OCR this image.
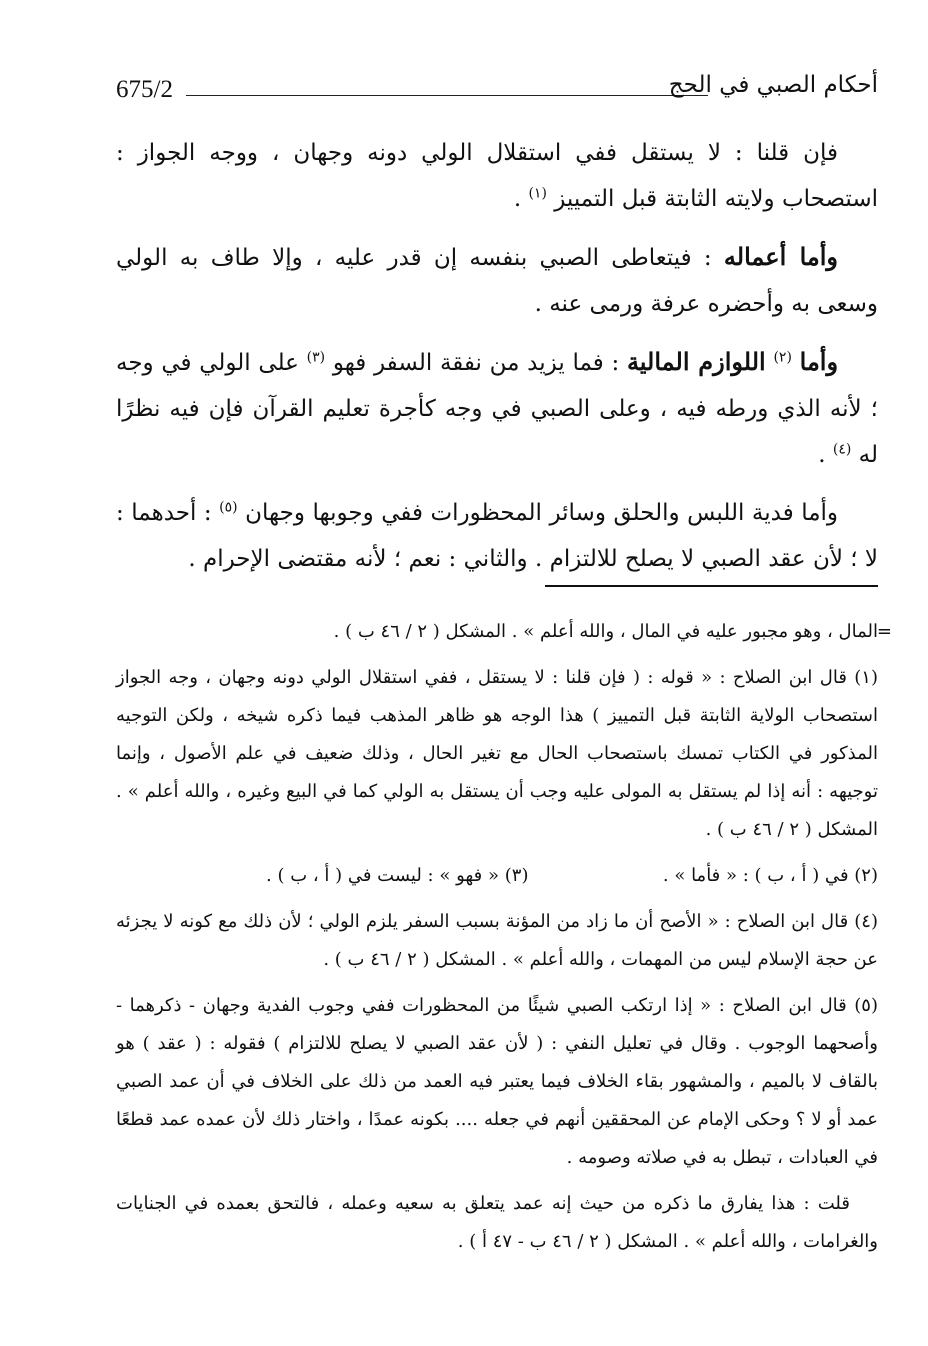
675/2	أحكام الصبي في الحج

فإن قلنا : لا يستقل ففي استقلال الولي دونه وجهان ، ووجه الجواز : استصحاب ولايته الثابتة قبل التمييز $^{(١)}$ .

وأما أعماله : فيتعاطى الصبي بنفسه إن قدر عليه ، وإلا طاف به الولي وسعى به وأحضره عرفة ورمى عنه .

وأما $^{(٢)}$ اللوازم المالية : فما يزيد من نفقة السفر فهو $^{(٣)}$ على الولي في وجه ؛ لأنه الذي ورطه فيه ، وعلى الصبي في وجه كأجرة تعليم القرآن فإن فيه نظرًا له $^{(٤)}$ .

وأما فدية اللبس والحلق وسائر المحظورات ففي وجوبها وجهان $^{(٥)}$ : أحدهما : لا ؛ لأن عقد الصبي لا يصلح للالتزام . والثاني : نعم ؛ لأنه مقتضى الإحرام .

=
المال ، وهو مجبور عليه في المال ، والله أعلم » . المشكل ( ٢ / ٤٦ ب ) .

(١) قال ابن الصلاح : « قوله : ( فإن قلنا : لا يستقل ، ففي استقلال الولي دونه وجهان ، وجه الجواز استصحاب الولاية الثابتة قبل التمييز ) هذا الوجه هو ظاهر المذهب فيما ذكره شيخه ، ولكن التوجيه المذكور في الكتاب تمسك باستصحاب الحال مع تغير الحال ، وذلك ضعيف في علم الأصول ، وإنما توجيهه : أنه إذا لم يستقل به المولى عليه وجب أن يستقل به الولي كما في البيع وغيره ، والله أعلم » . المشكل ( ٢ / ٤٦ ب ) .

(٢) في ( أ ، ب ) : « فأما » .
(٣) « فهو » : ليست في ( أ ، ب ) .

(٤) قال ابن الصلاح : « الأصح أن ما زاد من المؤنة بسبب السفر يلزم الولي ؛ لأن ذلك مع كونه لا يجزئه عن حجة الإسلام ليس من المهمات ، والله أعلم » . المشكل ( ٢ / ٤٦ ب ) .

(٥) قال ابن الصلاح : « إذا ارتكب الصبي شيئًا من المحظورات ففي وجوب الفدية وجهان - ذكرهما - وأصحهما الوجوب . وقال في تعليل النفي : ( لأن عقد الصبي لا يصلح للالتزام ) فقوله : ( عقد ) هو بالقاف لا بالميم ، والمشهور بقاء الخلاف فيما يعتبر فيه العمد من ذلك على الخلاف في أن عمد الصبي عمد أو لا ؟ وحكى الإمام عن المحققين أنهم في جعله .... بكونه عمدًا ، واختار ذلك لأن عمده عمد قطعًا في العبادات ، تبطل به في صلاته وصومه .

قلت : هذا يفارق ما ذكره من حيث إنه عمد يتعلق به سعيه وعمله ، فالتحق بعمده في الجنايات والغرامات ، والله أعلم » . المشكل ( ٢ / ٤٦ ب - ٤٧ أ ) .
